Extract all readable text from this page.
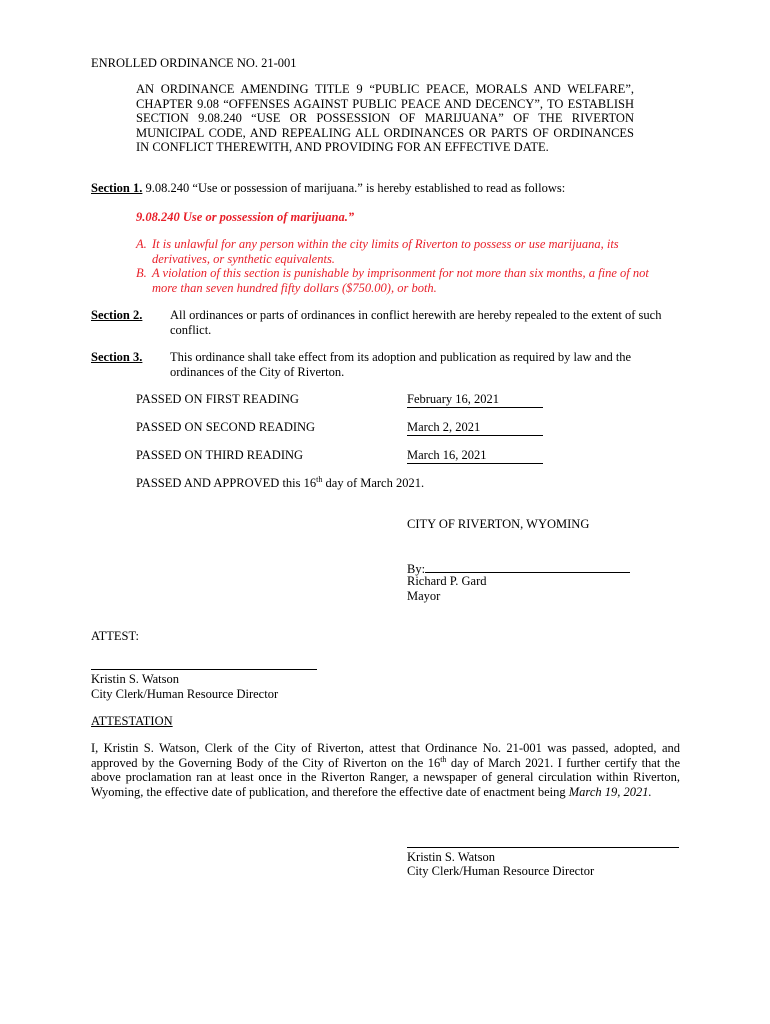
ENROLLED ORDINANCE NO. 21-001
AN ORDINANCE AMENDING TITLE 9 “PUBLIC PEACE, MORALS AND WELFARE”, CHAPTER 9.08 “OFFENSES AGAINST PUBLIC PEACE AND DECENCY”, TO ESTABLISH SECTION 9.08.240 “USE OR POSSESSION OF MARIJUANA” OF THE RIVERTON MUNICIPAL CODE, AND REPEALING ALL ORDINANCES OR PARTS OF ORDINANCES IN CONFLICT THEREWITH, AND PROVIDING FOR AN EFFECTIVE DATE.
Section 1. 9.08.240 “Use or possession of marijuana.” is hereby established to read as follows:
9.08.240 Use or possession of marijuana.”
A. It is unlawful for any person within the city limits of Riverton to possess or use marijuana, its derivatives, or synthetic equivalents.
B. A violation of this section is punishable by imprisonment for not more than six months, a fine of not more than seven hundred fifty dollars ($750.00), or both.
Section 2.	All ordinances or parts of ordinances in conflict herewith are hereby repealed to the extent of such conflict.
Section 3.	This ordinance shall take effect from its adoption and publication as required by law and the ordinances of the City of Riverton.
PASSED ON FIRST READING	February 16, 2021
PASSED ON SECOND READING	March 2, 2021
PASSED ON THIRD READING	March 16, 2021
PASSED AND APPROVED this 16th day of March 2021.
CITY OF RIVERTON, WYOMING
By:
Richard P. Gard
Mayor
ATTEST:
Kristin S. Watson
City Clerk/Human Resource Director
ATTESTATION
I, Kristin S. Watson, Clerk of the City of Riverton, attest that Ordinance No. 21-001 was passed, adopted, and approved by the Governing Body of the City of Riverton on the 16th day of March 2021. I further certify that the above proclamation ran at least once in the Riverton Ranger, a newspaper of general circulation within Riverton, Wyoming, the effective date of publication, and therefore the effective date of enactment being March 19, 2021.
Kristin S. Watson
City Clerk/Human Resource Director
